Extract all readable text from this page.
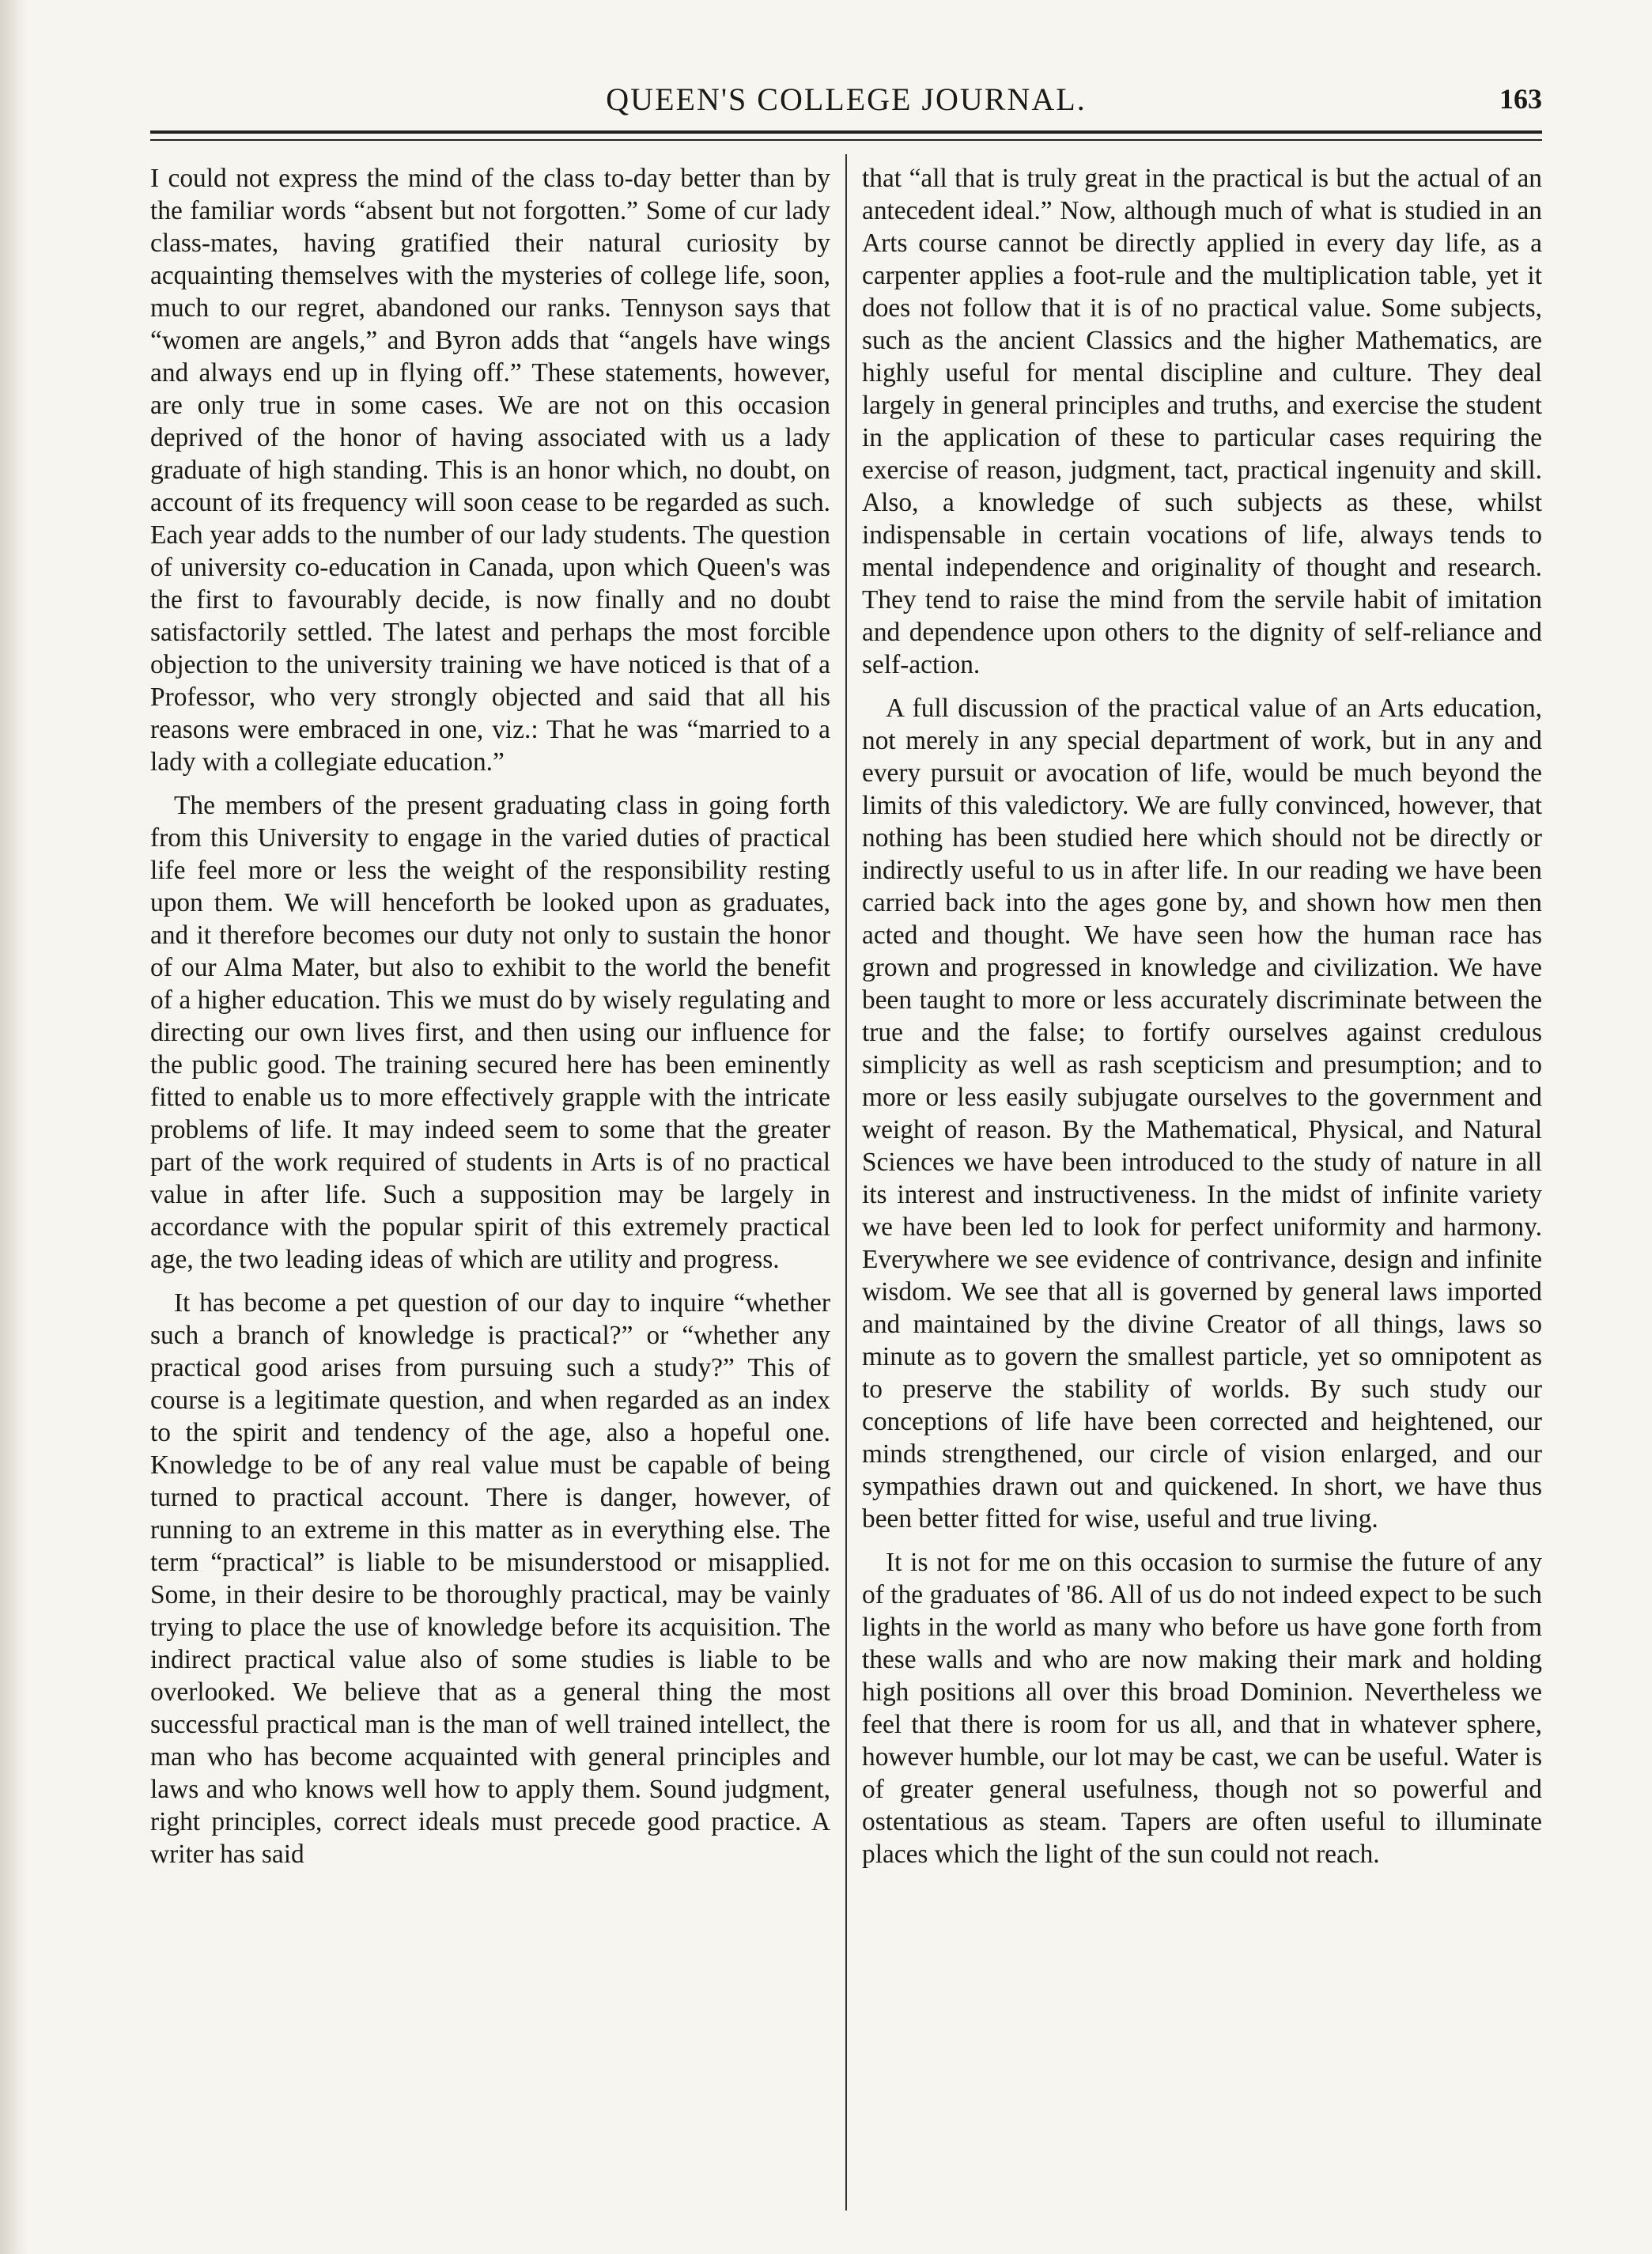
QUEEN'S COLLEGE JOURNAL.	163

I could not express the mind of the class to-day better than by the familiar words “absent but not forgotten.” Some of cur lady class-mates, having gratified their natural curiosity by acquainting themselves with the mysteries of college life, soon, much to our regret, abandoned our ranks. Tennyson says that “women are angels,” and Byron adds that “angels have wings and always end up in flying off.” These statements, however, are only true in some cases. We are not on this occasion deprived of the honor of having associated with us a lady graduate of high standing. This is an honor which, no doubt, on account of its frequency will soon cease to be regarded as such. Each year adds to the number of our lady students. The question of university co-education in Canada, upon which Queen's was the first to favourably decide, is now finally and no doubt satisfactorily settled. The latest and perhaps the most forcible objection to the university training we have noticed is that of a Professor, who very strongly objected and said that all his reasons were embraced in one, viz.: That he was “married to a lady with a collegiate education.”

The members of the present graduating class in going forth from this University to engage in the varied duties of practical life feel more or less the weight of the responsibility resting upon them. We will henceforth be looked upon as graduates, and it therefore becomes our duty not only to sustain the honor of our Alma Mater, but also to exhibit to the world the benefit of a higher education. This we must do by wisely regulating and directing our own lives first, and then using our influence for the public good. The training secured here has been eminently fitted to enable us to more effectively grapple with the intricate problems of life. It may indeed seem to some that the greater part of the work required of students in Arts is of no practical value in after life. Such a supposition may be largely in accordance with the popular spirit of this extremely practical age, the two leading ideas of which are utility and progress.

It has become a pet question of our day to inquire “whether such a branch of knowledge is practical?” or “whether any practical good arises from pursuing such a study?” This of course is a legitimate question, and when regarded as an index to the spirit and tendency of the age, also a hopeful one. Knowledge to be of any real value must be capable of being turned to practical account. There is danger, however, of running to an extreme in this matter as in everything else. The term “practical” is liable to be misunderstood or misapplied. Some, in their desire to be thoroughly practical, may be vainly trying to place the use of knowledge before its acquisition. The indirect practical value also of some studies is liable to be overlooked. We believe that as a general thing the most successful practical man is the man of well trained intellect, the man who has become acquainted with general principles and laws and who knows well how to apply them. Sound judgment, right principles, correct ideals must precede good practice. A writer has said

that “all that is truly great in the practical is but the actual of an antecedent ideal.” Now, although much of what is studied in an Arts course cannot be directly applied in every day life, as a carpenter applies a foot-rule and the multiplication table, yet it does not follow that it is of no practical value. Some subjects, such as the ancient Classics and the higher Mathematics, are highly useful for mental discipline and culture. They deal largely in general principles and truths, and exercise the student in the application of these to particular cases requiring the exercise of reason, judgment, tact, practical ingenuity and skill. Also, a knowledge of such subjects as these, whilst indispensable in certain vocations of life, always tends to mental independence and originality of thought and research. They tend to raise the mind from the servile habit of imitation and dependence upon others to the dignity of self-reliance and self-action.

A full discussion of the practical value of an Arts education, not merely in any special department of work, but in any and every pursuit or avocation of life, would be much beyond the limits of this valedictory. We are fully convinced, however, that nothing has been studied here which should not be directly or indirectly useful to us in after life. In our reading we have been carried back into the ages gone by, and shown how men then acted and thought. We have seen how the human race has grown and progressed in knowledge and civilization. We have been taught to more or less accurately discriminate between the true and the false; to fortify ourselves against credulous simplicity as well as rash scepticism and presumption; and to more or less easily subjugate ourselves to the government and weight of reason. By the Mathematical, Physical, and Natural Sciences we have been introduced to the study of nature in all its interest and instructiveness. In the midst of infinite variety we have been led to look for perfect uniformity and harmony. Everywhere we see evidence of contrivance, design and infinite wisdom. We see that all is governed by general laws imported and maintained by the divine Creator of all things, laws so minute as to govern the smallest particle, yet so omnipotent as to preserve the stability of worlds. By such study our conceptions of life have been corrected and heightened, our minds strengthened, our circle of vision enlarged, and our sympathies drawn out and quickened. In short, we have thus been better fitted for wise, useful and true living.

It is not for me on this occasion to surmise the future of any of the graduates of '86. All of us do not indeed expect to be such lights in the world as many who before us have gone forth from these walls and who are now making their mark and holding high positions all over this broad Dominion. Nevertheless we feel that there is room for us all, and that in whatever sphere, however humble, our lot may be cast, we can be useful. Water is of greater general usefulness, though not so powerful and ostentatious as steam. Tapers are often useful to illuminate places which the light of the sun could not reach.
